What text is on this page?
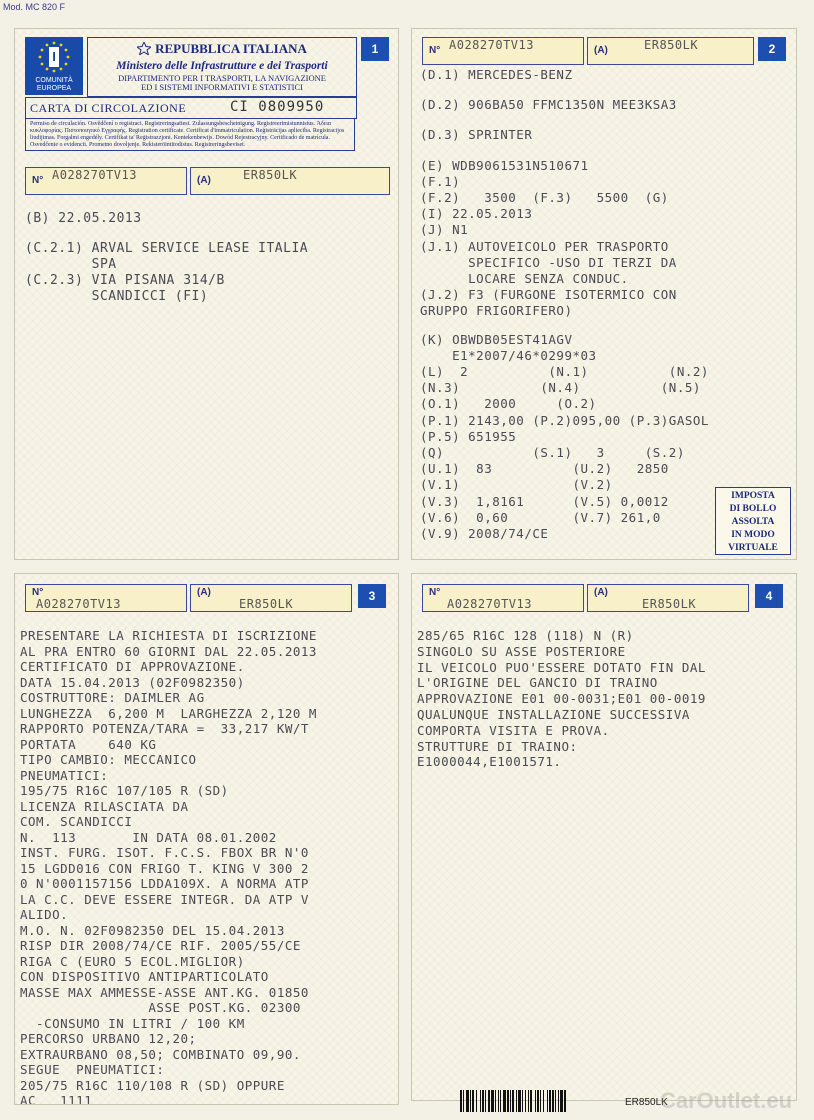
Mod. MC 820 F
I
COMUNITÀ EUROPEA
REPUBBLICA ITALIANA
Ministero delle Infrastrutture e dei Trasporti
DIPARTIMENTO PER I TRASPORTI, LA NAVIGAZIONE
ED I SISTEMI INFORMATIVI E STATISTICI
1
CARTA DI CIRCOLAZIONE	CI 0809950
Permiso de circulación. Osvědčení o registraci. Registreringsattest. Zulassungsbescheinigung. Registreerimistunnistus. Άδεια κυκλοφορίας. Πιστοποιητικό Εγγραφής. Registration certificate. Certificat d'immatriculation. Reģistrācijas apliecība. Registracijos liudijimas. Forgalmi engedély. Ċertifikat ta' Reġistrazzjoni. Kentekenbewijs. Dowód Rejestracyjny. Certificado de matrícula. Osvedčenie o evidencii. Prometno dovoljenje. Rekisteröintitodistus. Registreringsbeviset.
N° A028270TV13	(A)	ER850LK
(B) 22.05.2013
(C.2.1) ARVAL SERVICE LEASE ITALIA
SPA
(C.2.3) VIA PISANA 314/B
SCANDICCI (FI)
N° A028270TV13	(A)	ER850LK	2
(D.1) MERCEDES-BENZ
(D.2) 906BA50 FFMC1350N MEE3KSA3
(D.3) SPRINTER
(E) WDB9061531N510671
(F.1)
(F.2)   3500  (F.3)   5500  (G)
(I) 22.05.2013
(J) N1
(J.1) AUTOVEICOLO PER TRASPORTO
SPECIFICO -USO DI TERZI DA
LOCARE SENZA CONDUC.
(J.2) F3 (FURGONE ISOTERMICO CON
GRUPPO FRIGORIFERO)
(K) OBWDB05EST41AGV
E1*2007/46*0299*03
(L)  2          (N.1)          (N.2)
(N.3)          (N.4)          (N.5)
(O.1)   2000     (O.2)
(P.1) 2143,00 (P.2)095,00 (P.3)GASOL
(P.5) 651955
(Q)           (S.1)   3     (S.2)
(U.1)  83          (U.2)   2850
(V.1)              (V.2)
(V.3)  1,8161      (V.5) 0,0012
(V.6)  0,60        (V.7) 261,0
(V.9) 2008/74/CE
IMPOSTA
DI BOLLO
ASSOLTA
IN MODO
VIRTUALE
N°
A028270TV13
(A)
ER850LK
3
PRESENTARE LA RICHIESTA DI ISCRIZIONE
AL PRA ENTRO 60 GIORNI DAL 22.05.2013
CERTIFICATO DI APPROVAZIONE.
DATA 15.04.2013 (02F0982350)
COSTRUTTORE: DAIMLER AG
LUNGHEZZA  6,200 M  LARGHEZZA 2,120 M
RAPPORTO POTENZA/TARA =  33,217 KW/T
PORTATA    640 KG
TIPO CAMBIO: MECCANICO
PNEUMATICI:
195/75 R16C 107/105 R (SD)
LICENZA RILASCIATA DA
COM. SCANDICCI
N.  113       IN DATA 08.01.2002
INST. FURG. ISOT. F.C.S. FBOX BR N'0
15 LGDD016 CON FRIGO T. KING V 300 2
0 N'0001157156 LDDA109X. A NORMA ATP
LA C.C. DEVE ESSERE INTEGR. DA ATP V
ALIDO.
M.O. N. 02F0982350 DEL 15.04.2013
RISP DIR 2008/74/CE RIF. 2005/55/CE
RIGA C (EURO 5 ECOL.MIGLIOR)
CON DISPOSITIVO ANTIPARTICOLATO
MASSE MAX AMMESSE-ASSE ANT.KG. 01850
ASSE POST.KG. 02300
-CONSUMO IN LITRI / 100 KM
PERCORSO URBANO 12,20;
EXTRAURBANO 08,50; COMBINATO 09,90.
SEGUE  PNEUMATICI:
205/75 R16C 110/108 R (SD) OPPURE
AC   1111
N°
A028270TV13
(A)
ER850LK
4
285/65 R16C 128 (118) N (R)
SINGOLO SU ASSE POSTERIORE
IL VEICOLO PUO'ESSERE DOTATO FIN DAL
L'ORIGINE DEL GANCIO DI TRAINO
APPROVAZIONE E01 00-0031;E01 00-0019
QUALUNQUE INSTALLAZIONE SUCCESSIVA
COMPORTA VISITA E PROVA.
STRUTTURE DI TRAINO:
E1000044,E1001571.
ER850LK
CarOutlet.eu
